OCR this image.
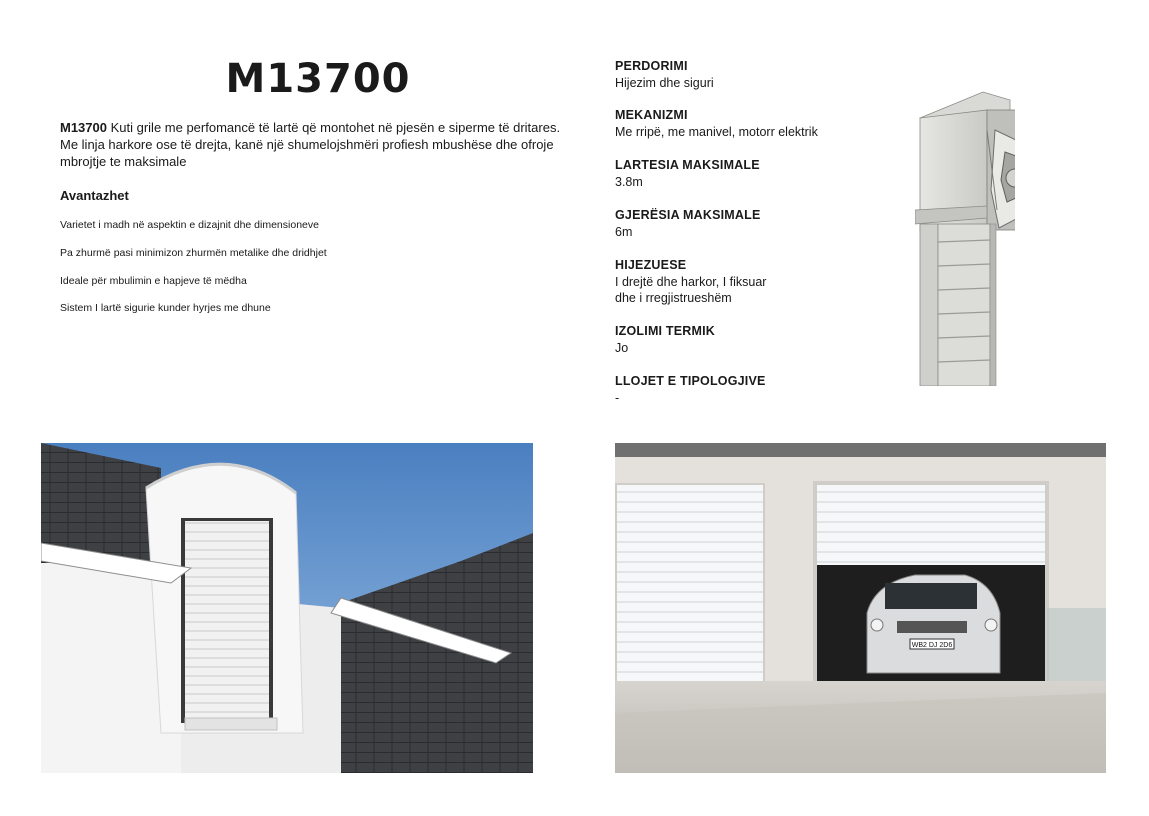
M13700
M13700 Kuti grile me perfomancë të lartë që montohet në pjesën e siperme të dritares. Me linja harkore ose të drejta, kanë një shumelojshmëri profiesh mbushëse dhe ofroje mbrojtje te maksimale
Avantazhet
Varietet i madh në aspektin e dizajnit dhe dimensioneve
Pa zhurmë pasi minimizon zhurmën metalike dhe dridhjet
Ideale për mbulimin e hapjeve të mëdha
Sistem I lartë sigurie kunder hyrjes me dhune
PERDORIMI
Hijezim dhe siguri
MEKANIZMI
Me rripë, me manivel, motorr elektrik
LARTESIA MAKSIMALE
3.8m
GJERËSIA MAKSIMALE
6m
HIJEZUESE
I drejtë dhe harkor, I fiksuar
dhe i rregjistrueshëm
IZOLIMI TERMIK
Jo
LLOJET E TIPOLOGJIVE
-
WB2 DJ 2D6
